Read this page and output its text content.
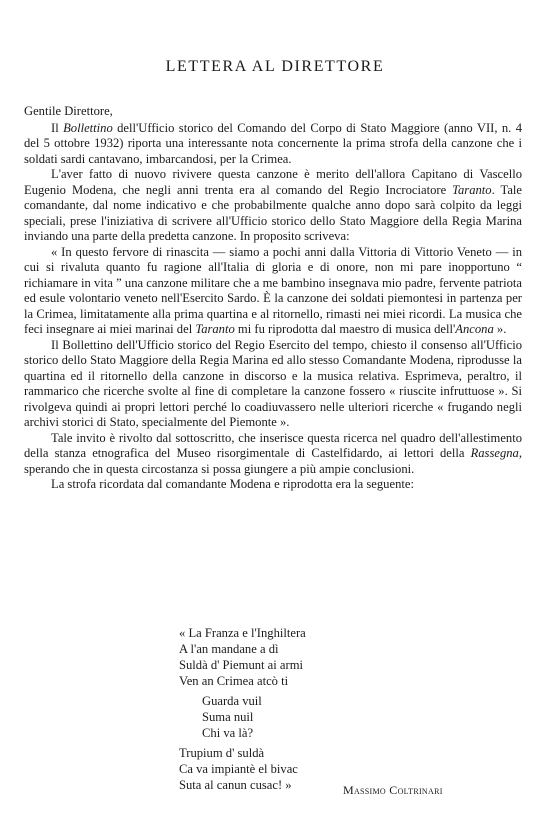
LETTERA AL DIRETTORE

Gentile Direttore,

Il Bollettino dell'Ufficio storico del Comando del Corpo di Stato Maggiore (anno VII, n. 4 del 5 ottobre 1932) riporta una interessante nota concernente la prima strofa della canzone che i soldati sardi cantavano, imbarcandosi, per la Crimea.

L'aver fatto di nuovo rivivere questa canzone è merito dell'allora Capitano di Vascello Eugenio Modena, che negli anni trenta era al comando del Regio Incrociatore Taranto. Tale comandante, dal nome indicativo e che probabilmente qualche anno dopo sarà colpito da leggi speciali, prese l'iniziativa di scrivere all'Ufficio storico dello Stato Maggiore della Regia Marina inviando una parte della predetta canzone. In proposito scriveva:

« In questo fervore di rinascita — siamo a pochi anni dalla Vittoria di Vittorio Veneto — in cui si rivaluta quanto fu ragione all'Italia di gloria e di onore, non mi pare inopportuno “ richiamare in vita ” una canzone militare che a me bambino insegnava mio padre, fervente patriota ed esule volontario veneto nell'Esercito Sardo. È la canzone dei soldati piemontesi in partenza per la Crimea, limitatamente alla prima quartina e al ritornello, rimasti nei miei ricordi. La musica che feci insegnare ai miei marinai del Taranto mi fu riprodotta dal maestro di musica dell'Ancona ».

Il Bollettino dell'Ufficio storico del Regio Esercito del tempo, chiesto il consenso all'Ufficio storico dello Stato Maggiore della Regia Marina ed allo stesso Comandante Modena, riprodusse la quartina ed il ritornello della canzone in discorso e la musica relativa. Esprimeva, peraltro, il rammarico che ricerche svolte al fine di completare la canzone fossero « riuscite infruttuose ». Si rivolgeva quindi ai propri lettori perché lo coadiuvassero nelle ulteriori ricerche « frugando negli archivi storici di Stato, specialmente del Piemonte ».

Tale invito è rivolto dal sottoscritto, che inserisce questa ricerca nel quadro dell'allestimento della stanza etnografica del Museo risorgimentale di Castelfidardo, ai lettori della Rassegna, sperando che in questa circostanza si possa giungere a più ampie conclusioni.

La strofa ricordata dal comandante Modena e riprodotta era la seguente:

« La Franza e l'Inghiltera
A l'an mandane a dì
Suldà d' Piemunt ai armi
Ven an Crimea atcò ti
Guarda vuil
Suma nuil
Chi va là?
Trupium d' suldà
Ca va impiantè el bivac
Suta al canun cusac! »	Massimo Coltrinari
